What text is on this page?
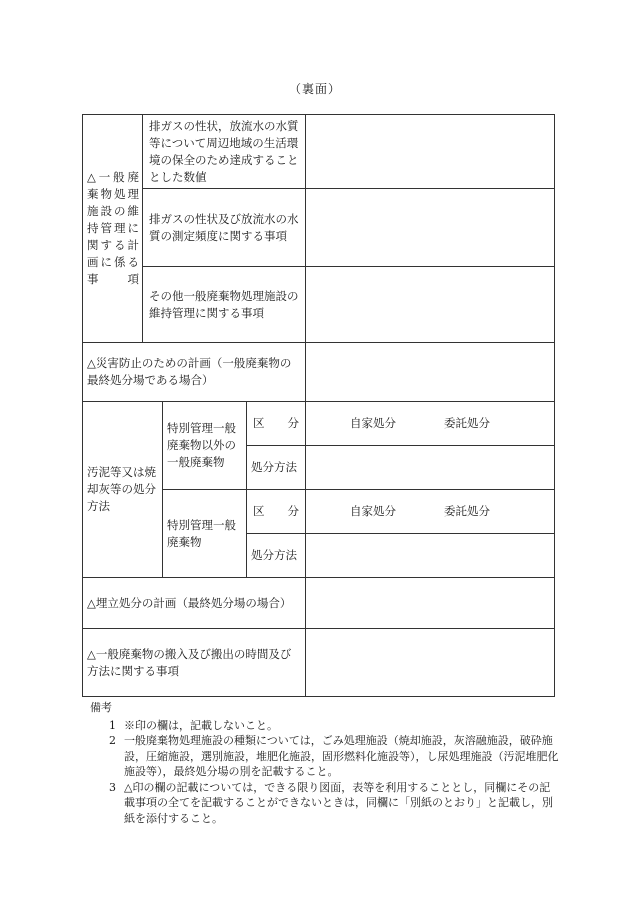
（裏面）
△一般廃棄物処理施設の維持管理に関する計画に係る事項	排ガスの性状，放流水の水質等について周辺地域の生活環境の保全のため達成することとした数値			
	排ガスの性状及び放流水の水質の測定頻度に関する事項			
	その他一般廃棄物処理施設の維持管理に関する事項			
△災害防止のための計画（一般廃棄物の最終処分場である場合）				
汚泥等又は焼却灰等の処分方法		特別管理一般廃棄物以外の一般廃棄物	区　　分	自家処分 委託処分
			処分方法	
		特別管理一般廃棄物	区　　分	自家処分 委託処分
			処分方法	
△埋立処分の計画（最終処分場の場合）				
△一般廃棄物の搬入及び搬出の時間及び方法に関する事項				
備考
1 ※印の欄は，記載しないこと。
2 一般廃棄物処理施設の種類については，ごみ処理施設（焼却施設，灰溶融施設，破砕施設，圧縮施設，選別施設，堆肥化施設，固形燃料化施設等），し尿処理施設（汚泥堆肥化施設等），最終処分場の別を記載すること。
3 △印の欄の記載については，できる限り図面，表等を利用することとし，同欄にその記載事項の全てを記載することができないときは，同欄に「別紙のとおり」と記載し，別紙を添付すること。
